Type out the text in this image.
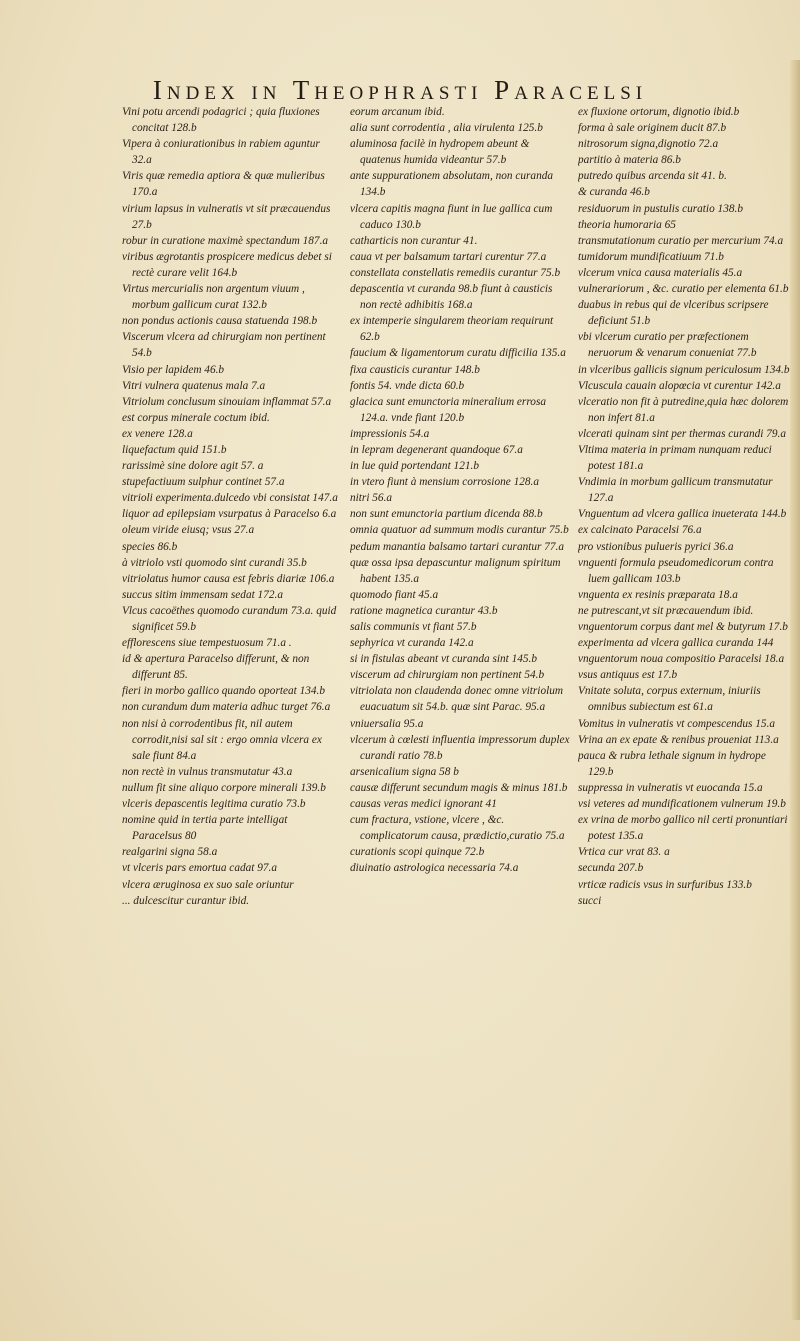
Index in Theophrasti Paracelsi
Vini potu arcendi podagrici ; quia fluxiones concitat 128.b
Vipera à coniurationibus in rabiem aguntur 32.a
Viris quæ remedia aptiora & quæ mulieribus 170.a
virium lapsus in vulneratis vt sit præcauendus 27.b
robur in curatione maximè spectandum 187.a
viribus ægrotantis prospicere medicus debet si rectè curare velit 164.b
Virtus mercurialis non argentum viuum , morbum gallicum curat 132.b
non pondus actionis causa statuenda 198.b
Viscerum vlcera ad chirurgiam non pertinent 54.b
Visio per lapidem 46.b
Vitri vulnera quatenus mala 7.a
Vitriolum conclusum sinouiam inflammat 57.a
est corpus minerale coctum ibid.
ex venere 128.a
liquefactum quid 151.b
rarissimè sine dolore agit 57. a
stupefactiuum sulphur continet 57.a
vitrioli experimenta.dulcedo vbi consistat 147.a
liquor ad epilepsiam vsurpatus à Paracelso 6.a
oleum viride eiusq; vsus 27.a
species 86.b
à vitriolo vsti quomodo sint curandi 35.b
vitriolatus humor causa est febris diariæ 106.a
succus sitim immensam sedat 172.a
Vlcus cacoëthes quomodo curandum 73.a. quid significet 59.b
efflorescens siue tempestuosum 71.a .
id & apertura Paracelso differunt, & non differunt 85.
fieri in morbo gallico quando oporteat 134.b
non curandum dum materia adhuc turget 76.a
non nisi à corrodentibus fit, nil autem corrodit,nisi sal sit : ergo omnia vlcera ex sale fiunt 84.a
non rectè in vulnus transmutatur 43.a
nullum fit sine aliquo corpore minerali 139.b
vlceris depascentis legitima curatio 73.b
nomine quid in tertia parte intelligat Paracelsus 80
realgarini signa 58.a
vt vlceris pars emortua cadat 97.a
vlcera æruginosa ex suo sale oriuntur
... dulcescitur curantur ibid.
eorum arcanum ibid.
alia sunt corrodentia , alia virulenta 125.b
aluminosa facilè in hydropem abeunt & quatenus humida videantur 57.b
ante suppurationem absolutam, non curanda 134.b
vlcera capitis magna fiunt in lue gallica cum caduco 130.b
catharticis non curantur 41.
caua vt per balsamum tartari curentur 77.a
constellata constellatis remediis curantur 75.b
depascentia vt curanda 98.b fiunt à causticis non rectè adhibitis 168.a
ex intemperie singularem theoriam requirunt 62.b
faucium & ligamentorum curatu difficilia 135.a
fixa causticis curantur 148.b
fontis 54. vnde dicta 60.b
glacica sunt emunctoria mineralium errosa 124.a. vnde fiant 120.b
impressionis 54.a
in lepram degenerant quandoque 67.a
in lue quid portendant 121.b
in vtero fiunt à mensium corrosione 128.a
nitri 56.a
non sunt emunctoria partium dicenda 88.b
omnia quatuor ad summum modis curantur 75.b
pedum manantia balsamo tartari curantur 77.a
quæ ossa ipsa depascuntur malignum spiritum habent 135.a
quomodo fiant 45.a
ratione magnetica curantur 43.b
salis communis vt fiant 57.b
sephyrica vt curanda 142.a
si in fistulas abeant vt curanda sint 145.b
viscerum ad chirurgiam non pertinent 54.b
vitriolata non claudenda donec omne vitriolum euacuatum sit 54.b. quæ sint Parac. 95.a
vniuersalia 95.a
vlcerum à cœlesti influentia impressorum duplex curandi ratio 78.b
arsenicalium signa 58 b
causæ differunt secundum magis & minus 181.b
causas veras medici ignorant 41
cum fractura, vstione, vlcere , &c. complicatorum causa, prædictio,curatio 75.a
curationis scopi quinque 72.b
diuinatio astrologica necessaria 74.a
ex fluxione ortorum, dignotio ibid.b
forma à sale originem ducit 87.b
nitrosorum signa,dignotio 72.a
partitio à materia 86.b
putredo quibus arcenda sit 41. b.
& curanda 46.b
residuorum in pustulis curatio 138.b
theoria humoraria 65
transmutationum curatio per mercurium 74.a
tumidorum mundificatiuum 71.b
vlcerum vnica causa materialis 45.a
vulnerariorum , &c. curatio per elementa 61.b
duabus in rebus qui de vlceribus scripsere deficiunt 51.b
vbi vlcerum curatio per præfectionem neruorum & venarum conueniat 77.b
in vlceribus gallicis signum periculosum 134.b
Vlcuscula cauain alopœcia vt curentur 142.a
vlceratio non fit à putredine,quia hæc dolorem non infert 81.a
vlcerati quinam sint per thermas curandi 79.a
Vltima materia in primam nunquam reduci potest 181.a
Vndimia in morbum gallicum transmutatur 127.a
Vnguentum ad vlcera gallica inueterata 144.b
ex calcinato Paracelsi 76.a
pro vstionibus pulueris pyrici 36.a
vnguenti formula pseudomedicorum contra luem gallicam 103.b
vnguenta ex resinis præparata 18.a
ne putrescant,vt sit præcauendum ibid.
vnguentorum corpus dant mel & butyrum 17.b
experimenta ad vlcera gallica curanda 144
vnguentorum noua compositio Paracelsi 18.a
vsus antiquus est 17.b
Vnitate soluta, corpus externum, iniuriis omnibus subiectum est 61.a
Vomitus in vulneratis vt compescendus 15.a
Vrina an ex epate & renibus proueniat 113.a
pauca & rubra lethale signum in hydrope 129.b
suppressa in vulneratis vt euocanda 15.a
vsi veteres ad mundificationem vulnerum 19.b
ex vrina de morbo gallico nil certi pronuntiari potest 135.a
Vrtica cur vrat 83. a
secunda 207.b
vrticæ radicis vsus in surfuribus 133.b
succi
